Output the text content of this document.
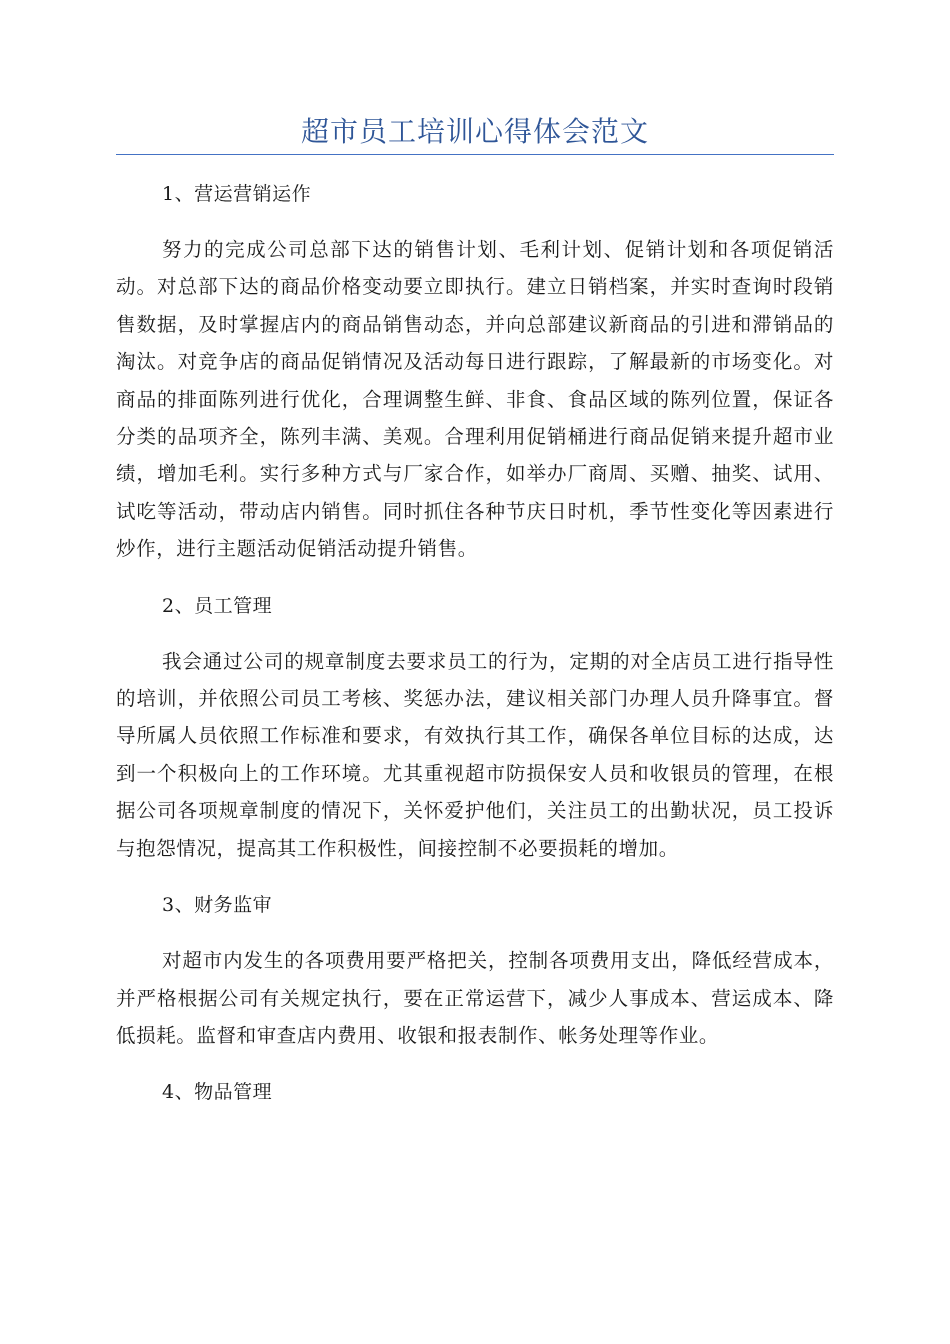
超市员工培训心得体会范文
1、营运营销运作

努力的完成公司总部下达的销售计划、毛利计划、促销计划和各项促销活动。对总部下达的商品价格变动要立即执行。建立日销档案，并实时查询时段销售数据，及时掌握店内的商品销售动态，并向总部建议新商品的引进和滞销品的淘汰。对竞争店的商品促销情况及活动每日进行跟踪，了解最新的市场变化。对商品的排面陈列进行优化，合理调整生鲜、非食、食品区域的陈列位置，保证各分类的品项齐全，陈列丰满、美观。合理利用促销桶进行商品促销来提升超市业绩，增加毛利。实行多种方式与厂家合作，如举办厂商周、买赠、抽奖、试用、试吃等活动，带动店内销售。同时抓住各种节庆日时机，季节性变化等因素进行炒作，进行主题活动促销活动提升销售。

2、员工管理

我会通过公司的规章制度去要求员工的行为，定期的对全店员工进行指导性的培训，并依照公司员工考核、奖惩办法，建议相关部门办理人员升降事宜。督导所属人员依照工作标准和要求，有效执行其工作，确保各单位目标的达成，达到一个积极向上的工作环境。尤其重视超市防损保安人员和收银员的管理，在根据公司各项规章制度的情况下，关怀爱护他们，关注员工的出勤状况，员工投诉与抱怨情况，提高其工作积极性，间接控制不必要损耗的增加。

3、财务监审

对超市内发生的各项费用要严格把关，控制各项费用支出，降低经营成本，并严格根据公司有关规定执行，要在正常运营下，减少人事成本、营运成本、降低损耗。监督和审查店内费用、收银和报表制作、帐务处理等作业。

4、物品管理
